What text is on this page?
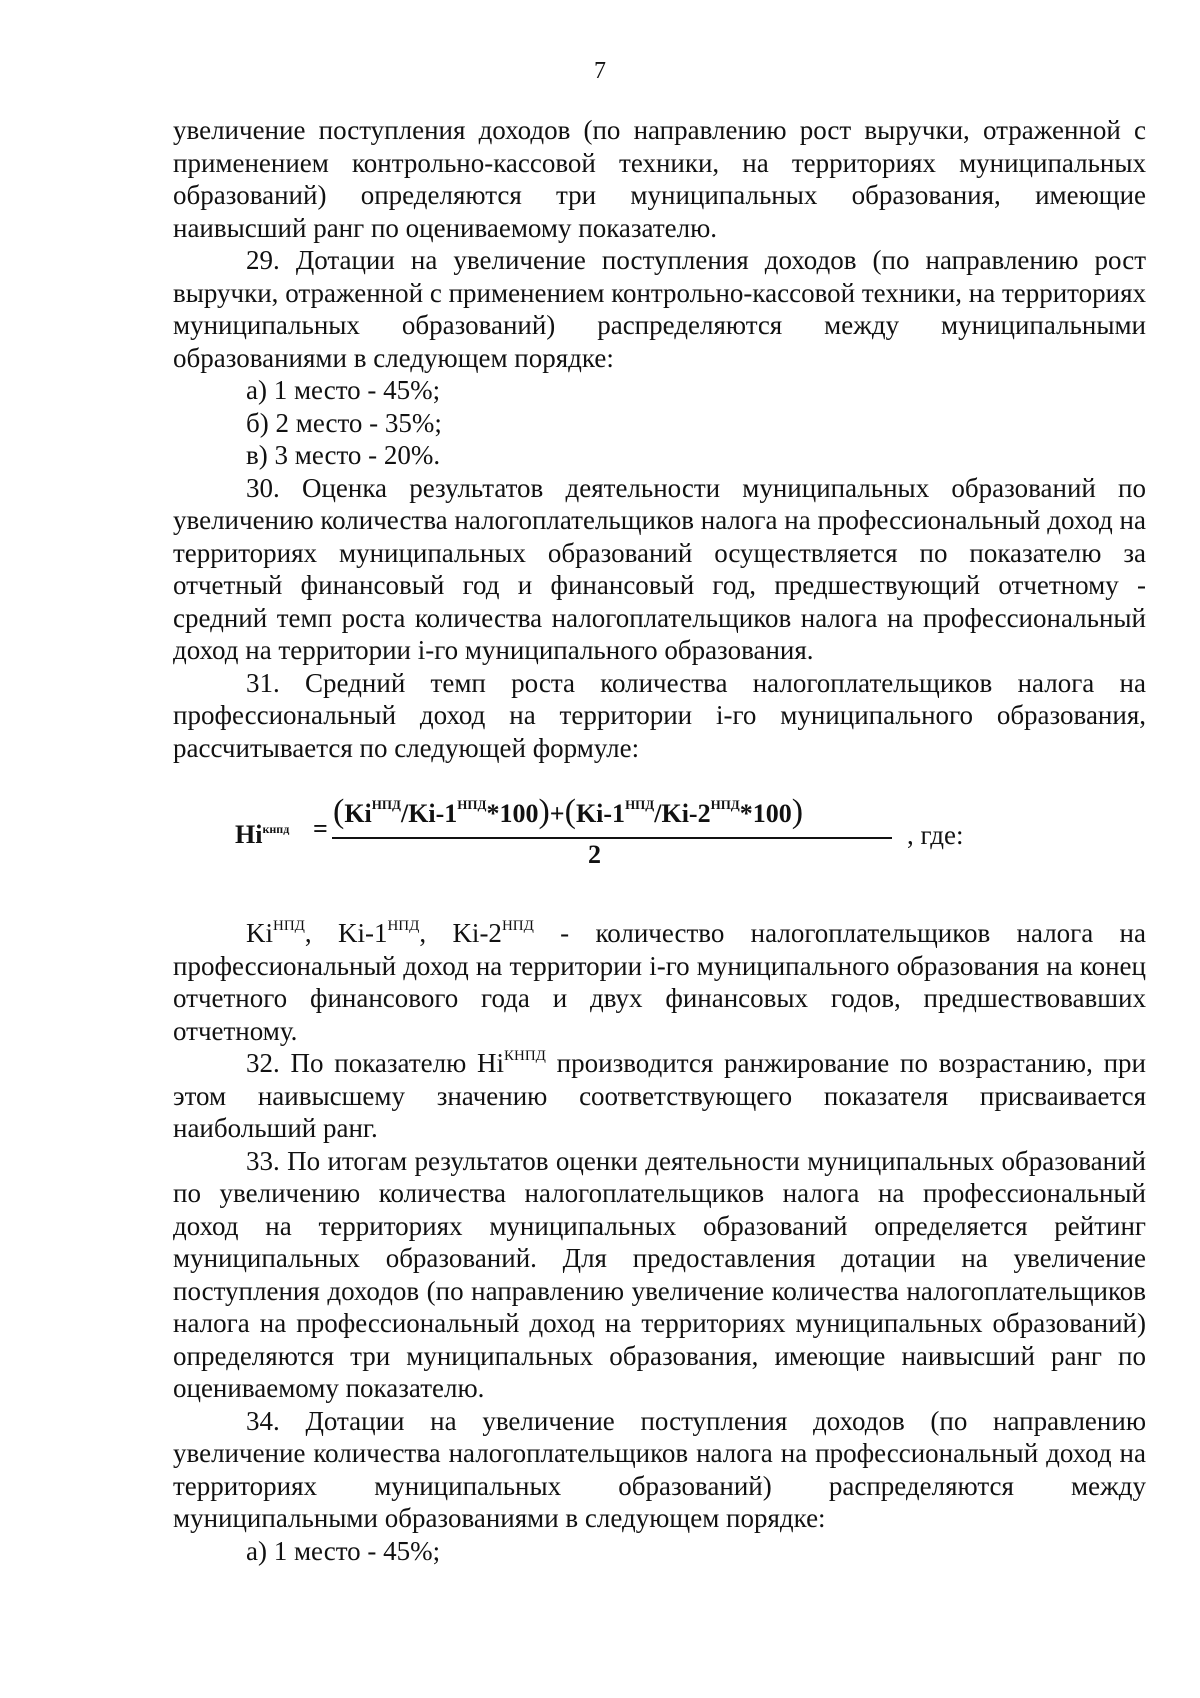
7

увеличение поступления доходов (по направлению рост выручки, отраженной с применением контрольно-кассовой техники, на территориях муниципальных образований) определяются три муниципальных образования, имеющие наивысший ранг по оцениваемому показателю.

29. Дотации на увеличение поступления доходов (по направлению рост выручки, отраженной с применением контрольно-кассовой техники, на территориях муниципальных образований) распределяются между муниципальными образованиями в следующем порядке:

а) 1 место - 45%;

б) 2 место - 35%;

в) 3 место - 20%.

30. Оценка результатов деятельности муниципальных образований по увеличению количества налогоплательщиков налога на профессиональный доход на территориях муниципальных образований осуществляется по показателю за отчетный финансовый год и финансовый год, предшествующий отчетному - средний темп роста количества налогоплательщиков налога на профессиональный доход на территории i-го муниципального образования.

31. Средний темп роста количества налогоплательщиков налога на профессиональный доход на территории i-го муниципального образования, рассчитывается по следующей формуле:

$Hi^{кнпд} = (Ki^{НПД}/Ki-1^{НПД}*100)+(Ki-1^{НПД}/Ki-2^{НПД}*100)$
2
, где:

$Ki^{НПД}$, $Ki-1^{НПД}$, $Ki-2^{НПД}$ - количество налогоплательщиков налога на профессиональный доход на территории i-го муниципального образования на конец отчетного финансового года и двух финансовых годов, предшествовавших отчетному.

32. По показателю $Hi^{КНПД}$ производится ранжирование по возрастанию, при этом наивысшему значению соответствующего показателя присваивается наибольший ранг.

33. По итогам результатов оценки деятельности муниципальных образований по увеличению количества налогоплательщиков налога на профессиональный доход на территориях муниципальных образований определяется рейтинг муниципальных образований. Для предоставления дотации на увеличение поступления доходов (по направлению увеличение количества налогоплательщиков налога на профессиональный доход на территориях муниципальных образований) определяются три муниципальных образования, имеющие наивысший ранг по оцениваемому показателю.

34. Дотации на увеличение поступления доходов (по направлению увеличение количества налогоплательщиков налога на профессиональный доход на территориях муниципальных образований) распределяются между муниципальными образованиями в следующем порядке:

а) 1 место - 45%;
